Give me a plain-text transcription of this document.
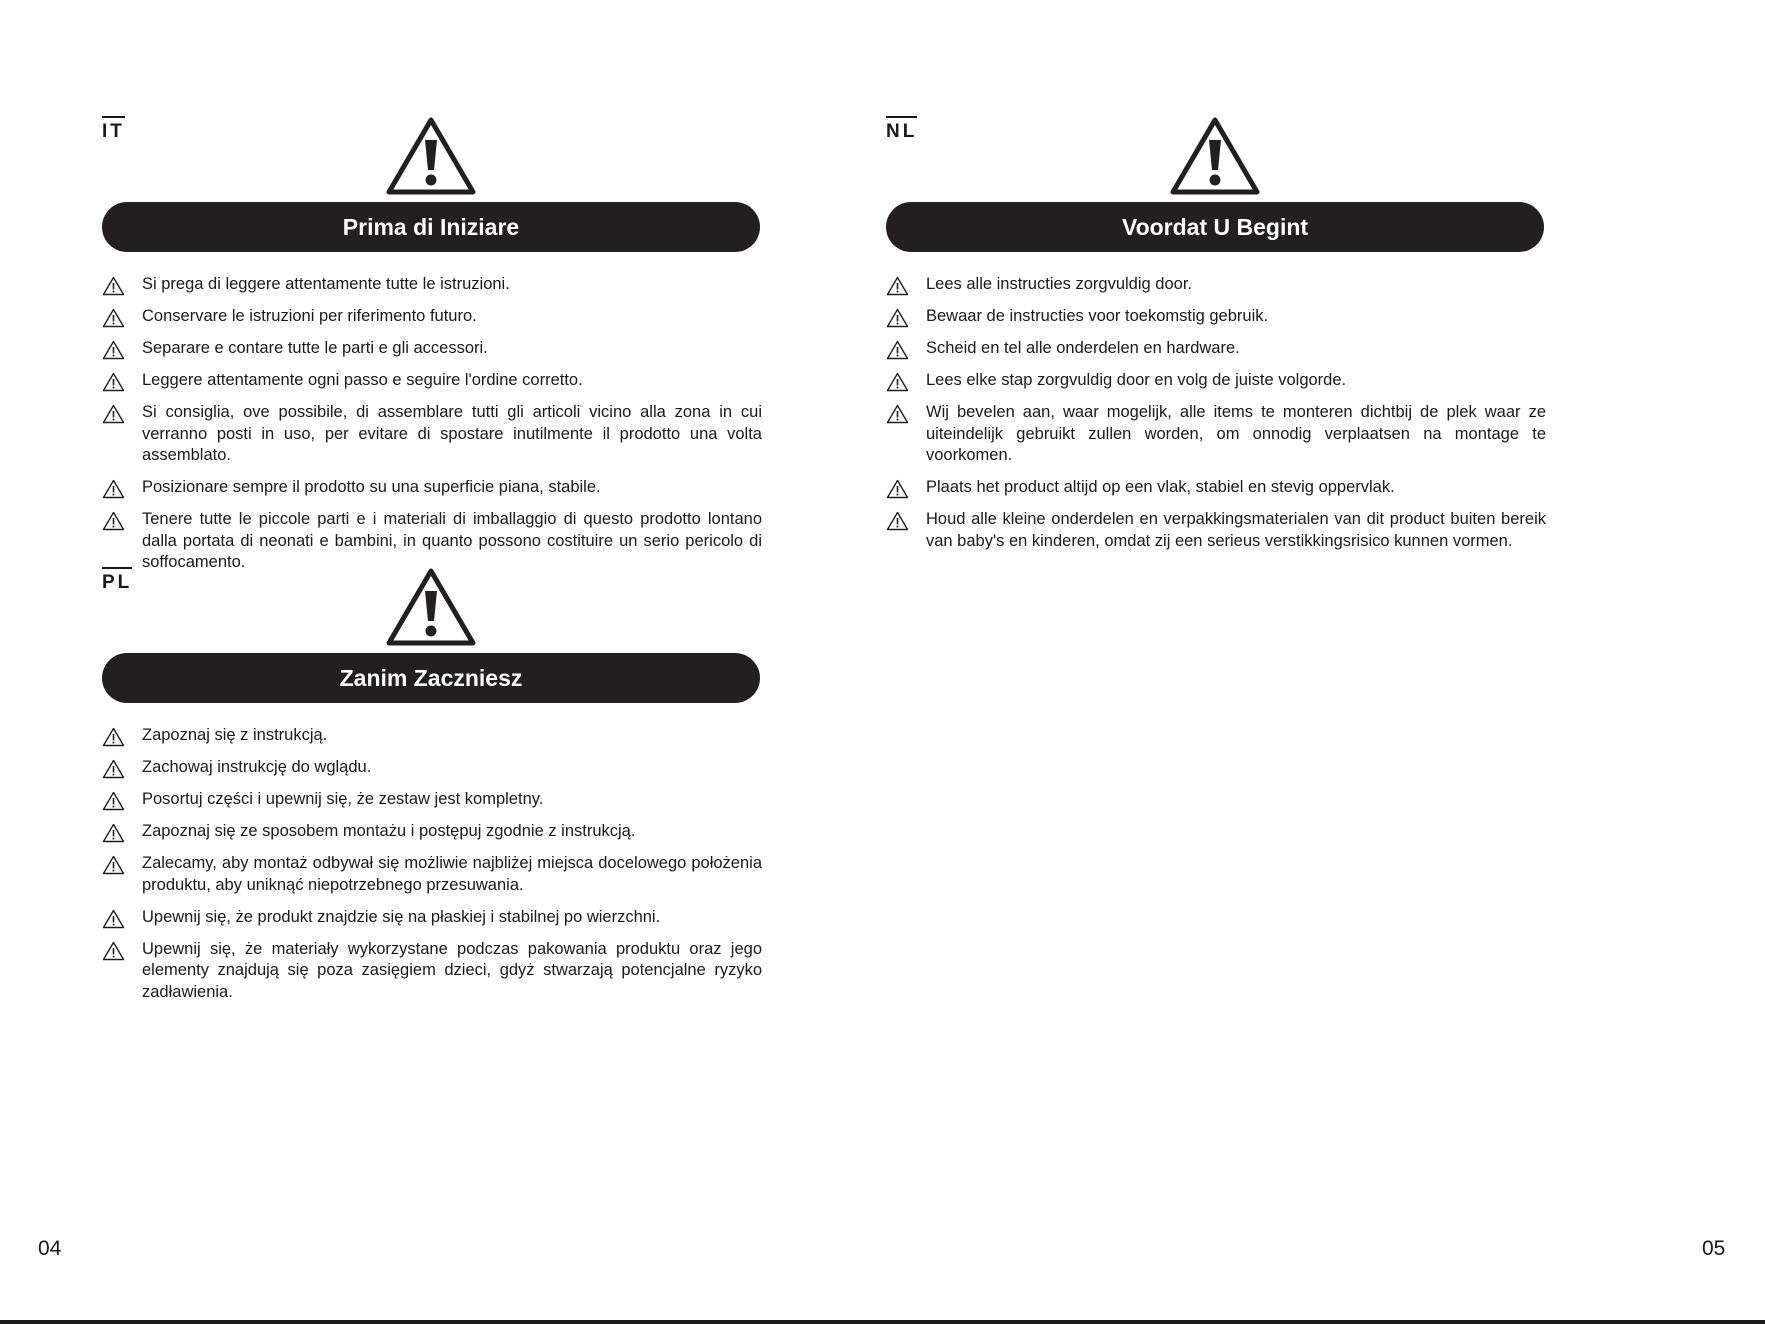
IT
Prima di Iniziare
Si prega di leggere attentamente tutte le istruzioni.
Conservare le istruzioni per riferimento futuro.
Separare e contare tutte le parti e gli accessori.
Leggere attentamente ogni passo e seguire l'ordine corretto.
Si consiglia, ove possibile, di assemblare tutti gli articoli vicino alla zona in cui verranno posti in uso, per evitare di spostare inutilmente il prodotto una volta assemblato.
Posizionare sempre il prodotto su una superficie piana, stabile.
Tenere tutte le piccole parti e i materiali di imballaggio di questo prodotto lontano dalla portata di neonati e bambini, in quanto possono costituire un serio pericolo di soffocamento.
PL
Zanim Zaczniesz
Zapoznaj się z instrukcją.
Zachowaj instrukcję do wglądu.
Posortuj części i upewnij się, że zestaw jest kompletny.
Zapoznaj się ze sposobem montażu i postępuj zgodnie z instrukcją.
Zalecamy, aby montaż odbywał się możliwie najbliżej miejsca docelowego położenia produktu, aby uniknąć niepotrzebnego przesuwania.
Upewnij się, że produkt znajdzie się na płaskiej i stabilnej po wierzchni.
Upewnij się, że materiały wykorzystane podczas pakowania produktu oraz jego elementy znajdują się poza zasięgiem dzieci, gdyż stwarzają potencjalne ryzyko zadławienia.
NL
Voordat U Begint
Lees alle instructies zorgvuldig door.
Bewaar de instructies voor toekomstig gebruik.
Scheid en tel alle onderdelen en hardware.
Lees elke stap zorgvuldig door en volg de juiste volgorde.
Wij bevelen aan, waar mogelijk, alle items te monteren dichtbij de plek waar ze uiteindelijk gebruikt zullen worden, om onnodig verplaatsen na montage te voorkomen.
Plaats het product altijd op een vlak, stabiel en stevig oppervlak.
Houd alle kleine onderdelen en verpakkingsmaterialen van dit product buiten bereik van baby's en kinderen, omdat zij een serieus verstikkingsrisico kunnen vormen.
04	05
